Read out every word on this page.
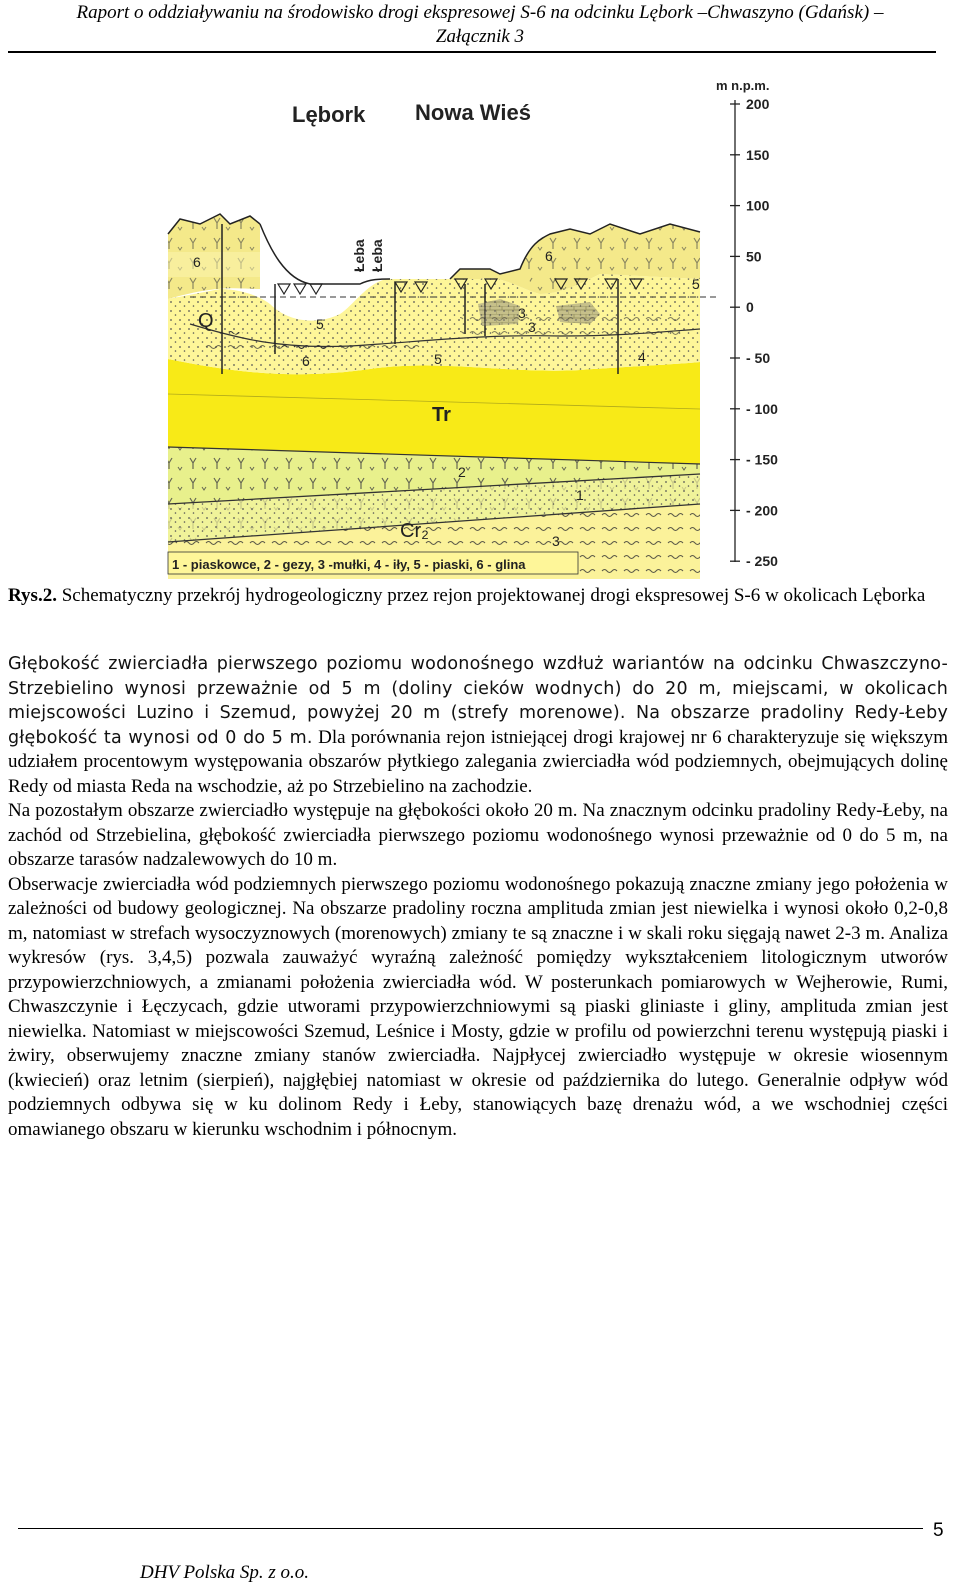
Raport o oddziaływaniu na środowisko drogi ekspresowej S-6 na odcinku Lębork –Chwaszyno (Gdańsk) –
Załącznik 3
Lębork Nowa Wieś
Łeba Łeba
Q
Tr
Cr₂
6
5
6	5
6
3
3
4
5
2
1
3
m n.p.m.
200
150
100
50
0
- 50
- 100
- 150
- 200
- 250
1 - piaskowce, 2 - gezy, 3 -mułki, 4 - iły, 5 - piaski, 6 - glina
Rys.2. Schematyczny przekrój hydrogeologiczny przez rejon projektowanej drogi ekspresowej S-6 w okolicach Lęborka

Głębokość zwierciadła pierwszego poziomu wodonośnego wzdłuż wariantów na odcinku Chwaszczyno-Strzebielino wynosi przeważnie od 5 m (doliny cieków wodnych) do 20 m, miejscami, w okolicach miejscowości Luzino i Szemud, powyżej 20 m (strefy morenowe). Na obszarze pradoliny Redy-Łeby głębokość ta wynosi od 0 do 5 m. Dla porównania rejon istniejącej drogi krajowej nr 6 charakteryzuje się większym udziałem procentowym występowania obszarów płytkiego zalegania zwierciadła wód podziemnych, obejmujących dolinę Redy od miasta Reda na wschodzie, aż po Strzebielino na zachodzie.

Na pozostałym obszarze zwierciadło występuje na głębokości około 20 m. Na znacznym odcinku pradoliny Redy-Łeby, na zachód od Strzebielina, głębokość zwierciadła pierwszego poziomu wodonośnego wynosi przeważnie od 0 do 5 m, na obszarze tarasów nadzalewowych do 10 m.

Obserwacje zwierciadła wód podziemnych pierwszego poziomu wodonośnego pokazują znaczne zmiany jego położenia w zależności od budowy geologicznej. Na obszarze pradoliny roczna amplituda zmian jest niewielka i wynosi około 0,2-0,8 m, natomiast w strefach wysoczyznowych (morenowych) zmiany te są znaczne i w skali roku sięgają nawet 2-3 m. Analiza wykresów (rys. 3,4,5) pozwala zauważyć wyraźną zależność pomiędzy wykształceniem litologicznym utworów przypowierzchniowych, a zmianami położenia zwierciadła wód. W posterunkach pomiarowych w Wejherowie, Rumi, Chwaszczynie i Łęczycach, gdzie utworami przypowierzchniowymi są piaski gliniaste i gliny, amplituda zmian jest niewielka. Natomiast w miejscowości Szemud, Leśnice i Mosty, gdzie w profilu od powierzchni terenu występują piaski i żwiry, obserwujemy znaczne zmiany stanów zwierciadła. Najpłycej zwierciadło występuje w okresie wiosennym (kwiecień) oraz letnim (sierpień), najgłębiej natomiast w okresie od października do lutego. Generalnie odpływ wód podziemnych odbywa się w ku dolinom Redy i Łeby, stanowiących bazę drenażu wód, a we wschodniej części omawianego obszaru w kierunku wschodnim i północnym.

5
DHV Polska Sp. z o.o.
